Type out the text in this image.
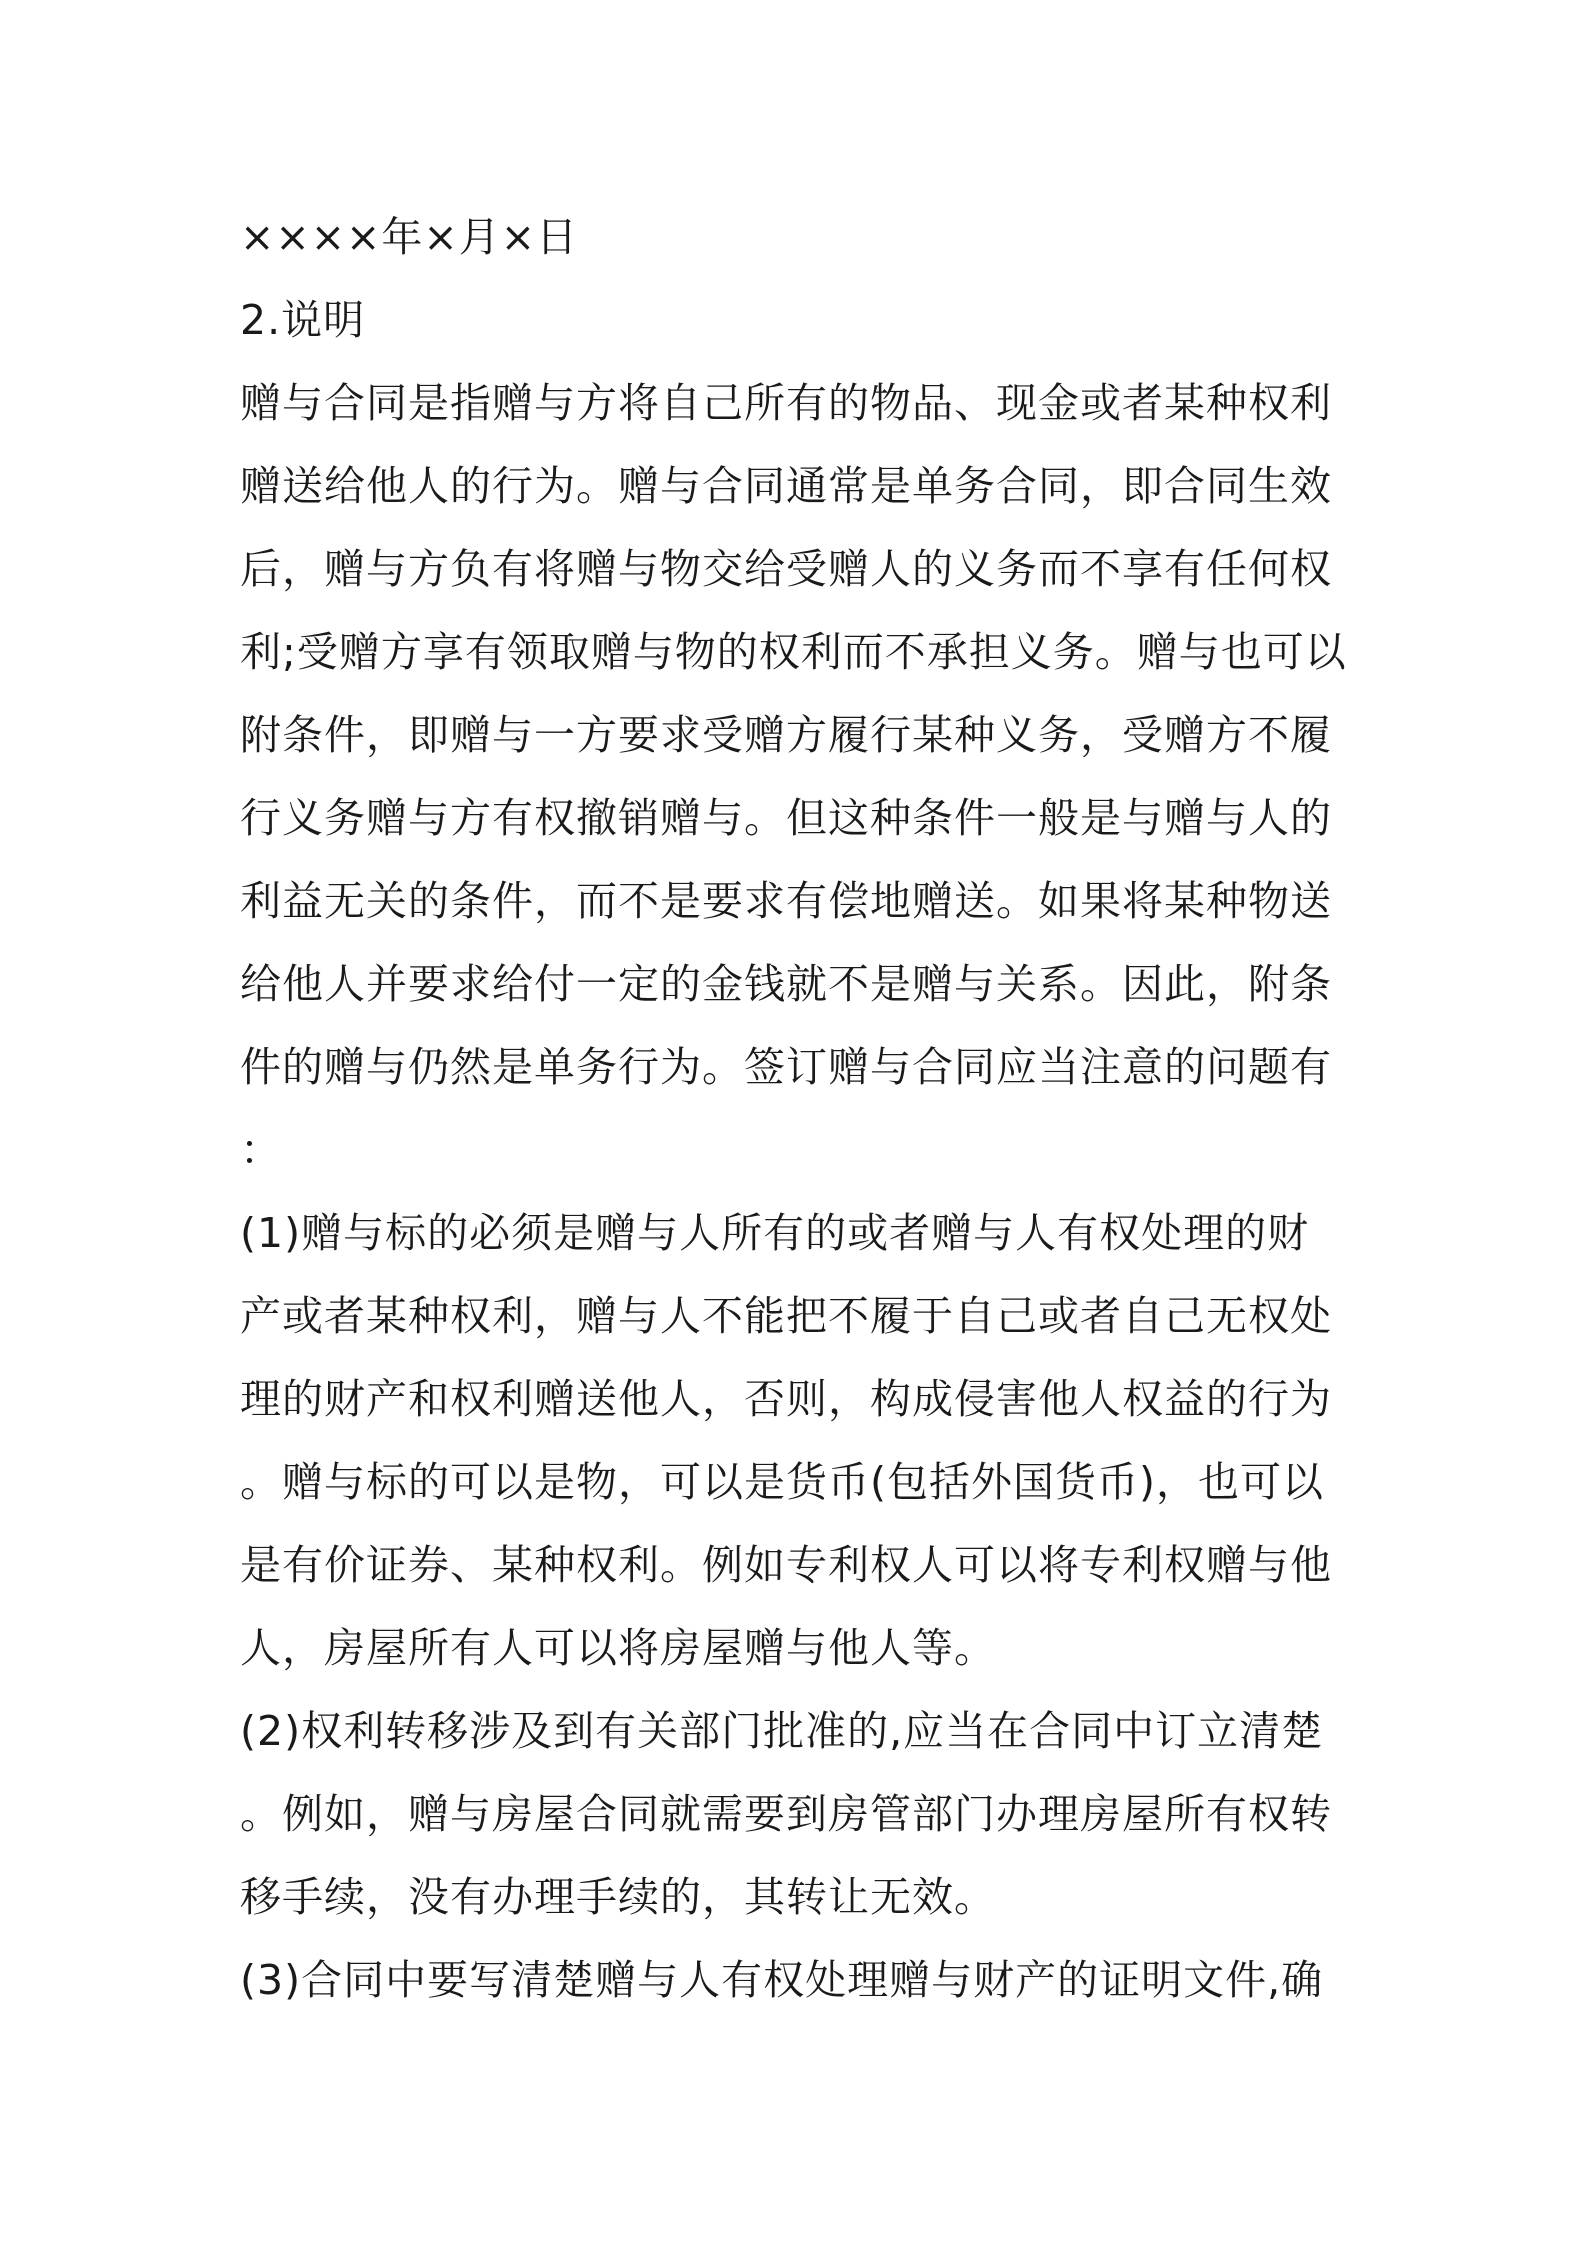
××××年×月×日
2.说明
赠与合同是指赠与方将自己所有的物品、现金或者某种权利
赠送给他人的行为。赠与合同通常是单务合同，即合同生效
后，赠与方负有将赠与物交给受赠人的义务而不享有任何权
利;受赠方享有领取赠与物的权利而不承担义务。赠与也可以
附条件，即赠与一方要求受赠方履行某种义务，受赠方不履
行义务赠与方有权撤销赠与。但这种条件一般是与赠与人的
利益无关的条件，而不是要求有偿地赠送。如果将某种物送
给他人并要求给付一定的金钱就不是赠与关系。因此，附条
件的赠与仍然是单务行为。签订赠与合同应当注意的问题有
：
(1)赠与标的必须是赠与人所有的或者赠与人有权处理的财
产或者某种权利，赠与人不能把不履于自己或者自己无权处
理的财产和权利赠送他人，否则，构成侵害他人权益的行为
。赠与标的可以是物，可以是货币(包括外国货币)，也可以
是有价证券、某种权利。例如专利权人可以将专利权赠与他
人，房屋所有人可以将房屋赠与他人等。
(2)权利转移涉及到有关部门批准的,应当在合同中订立清楚
。例如，赠与房屋合同就需要到房管部门办理房屋所有权转
移手续，没有办理手续的，其转让无效。
(3)合同中要写清楚赠与人有权处理赠与财产的证明文件,确
